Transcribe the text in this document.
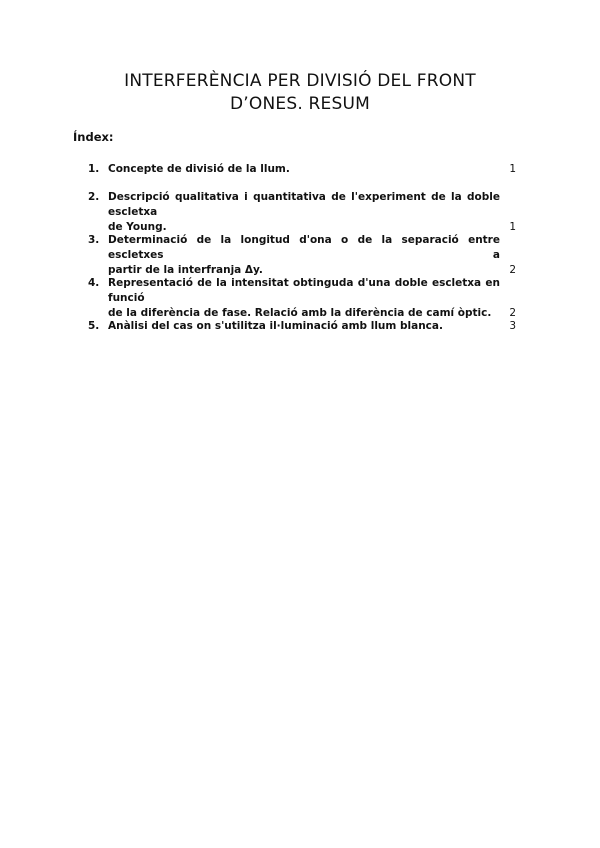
INTERFERÈNCIA PER DIVISIÓ DEL FRONT
D’ONES. RESUM
Índex:
1. Concepte de divisió de la llum.	1
2. Descripció qualitativa i quantitativa de l'experiment de la doble escletxa
de Young.	1
3. Determinació de la longitud d'ona o de la separació entre escletxes a
partir de la interfranja Δy.	2
4. Representació de la intensitat obtinguda d'una doble escletxa en funció
de la diferència de fase. Relació amb la diferència de camí òptic.	2
5. Anàlisi del cas on s'utilitza il·luminació amb llum blanca.	3
